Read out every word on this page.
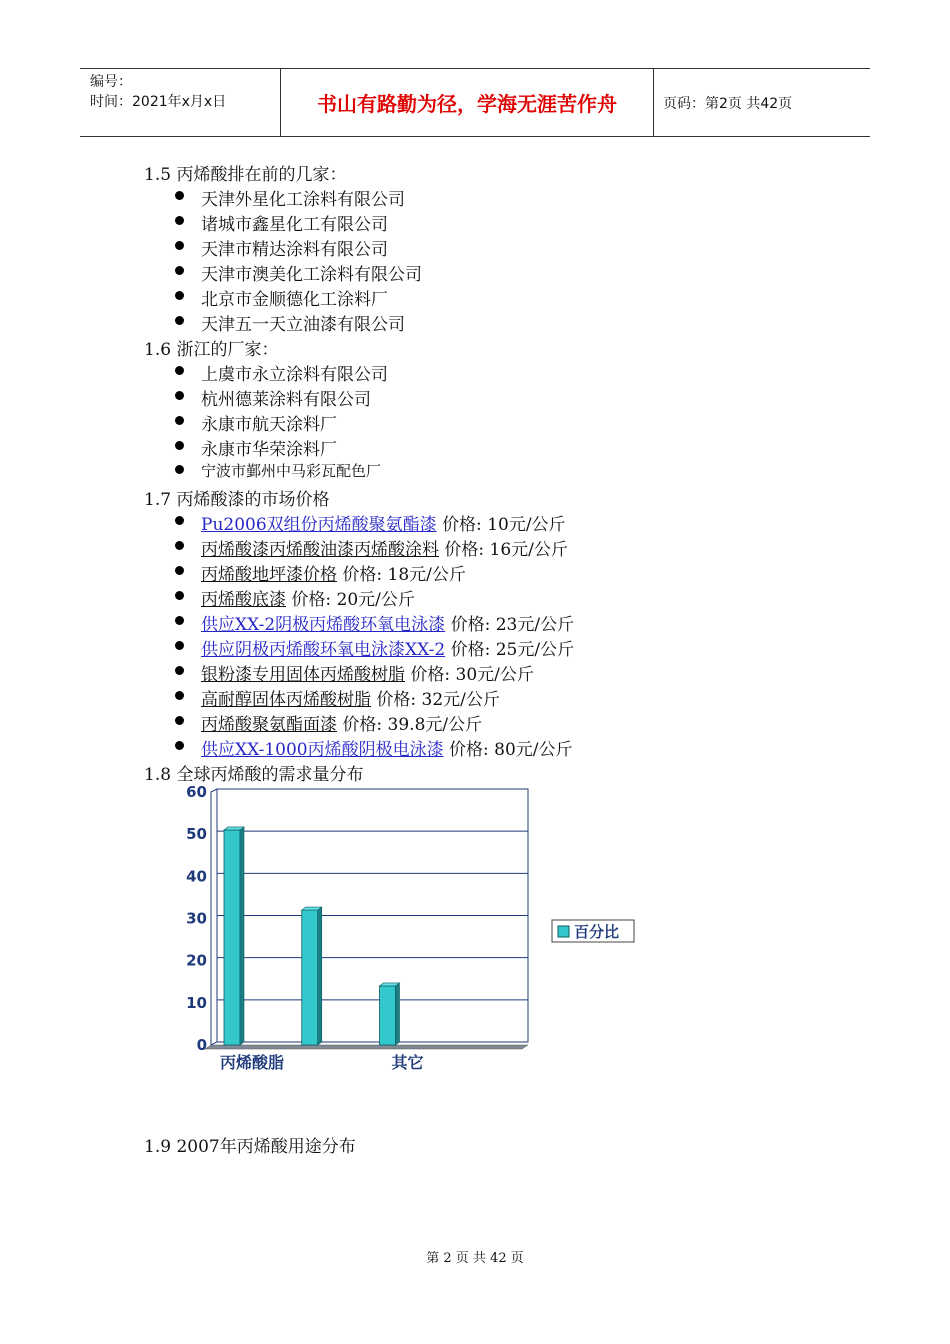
编号：
时间：2021年x月x日	书山有路勤为径，学海无涯苦作舟	页码：第2页 共42页
1.5 丙烯酸排在前的几家：
天津外星化工涂料有限公司
诸城市鑫星化工有限公司
天津市精达涂料有限公司
天津市澳美化工涂料有限公司
北京市金顺德化工涂料厂
天津五一天立油漆有限公司
1.6 浙江的厂家：
上虞市永立涂料有限公司
杭州德莱涂料有限公司
永康市航天涂料厂
永康市华荣涂料厂
宁波市鄞州中马彩瓦配色厂
1.7 丙烯酸漆的市场价格
Pu2006双组份丙烯酸聚氨酯漆 价格: 10元/公斤
丙烯酸漆丙烯酸油漆丙烯酸涂料 价格: 16元/公斤
丙烯酸地坪漆价格 价格: 18元/公斤
丙烯酸底漆 价格: 20元/公斤
供应XX-2阴极丙烯酸环氧电泳漆 价格: 23元/公斤
供应阴极丙烯酸环氧电泳漆XX-2 价格: 25元/公斤
银粉漆专用固体丙烯酸树脂 价格: 30元/公斤
高耐醇固体丙烯酸树脂 价格: 32元/公斤
丙烯酸聚氨酯面漆 价格: 39.8元/公斤
供应XX-1000丙烯酸阴极电泳漆 价格: 80元/公斤
1.8 全球丙烯酸的需求量分布
0
10
20
30
40
50
60
丙烯酸脂	其它
百分比
1.9 2007年丙烯酸用途分布
第 2 页 共 42 页
